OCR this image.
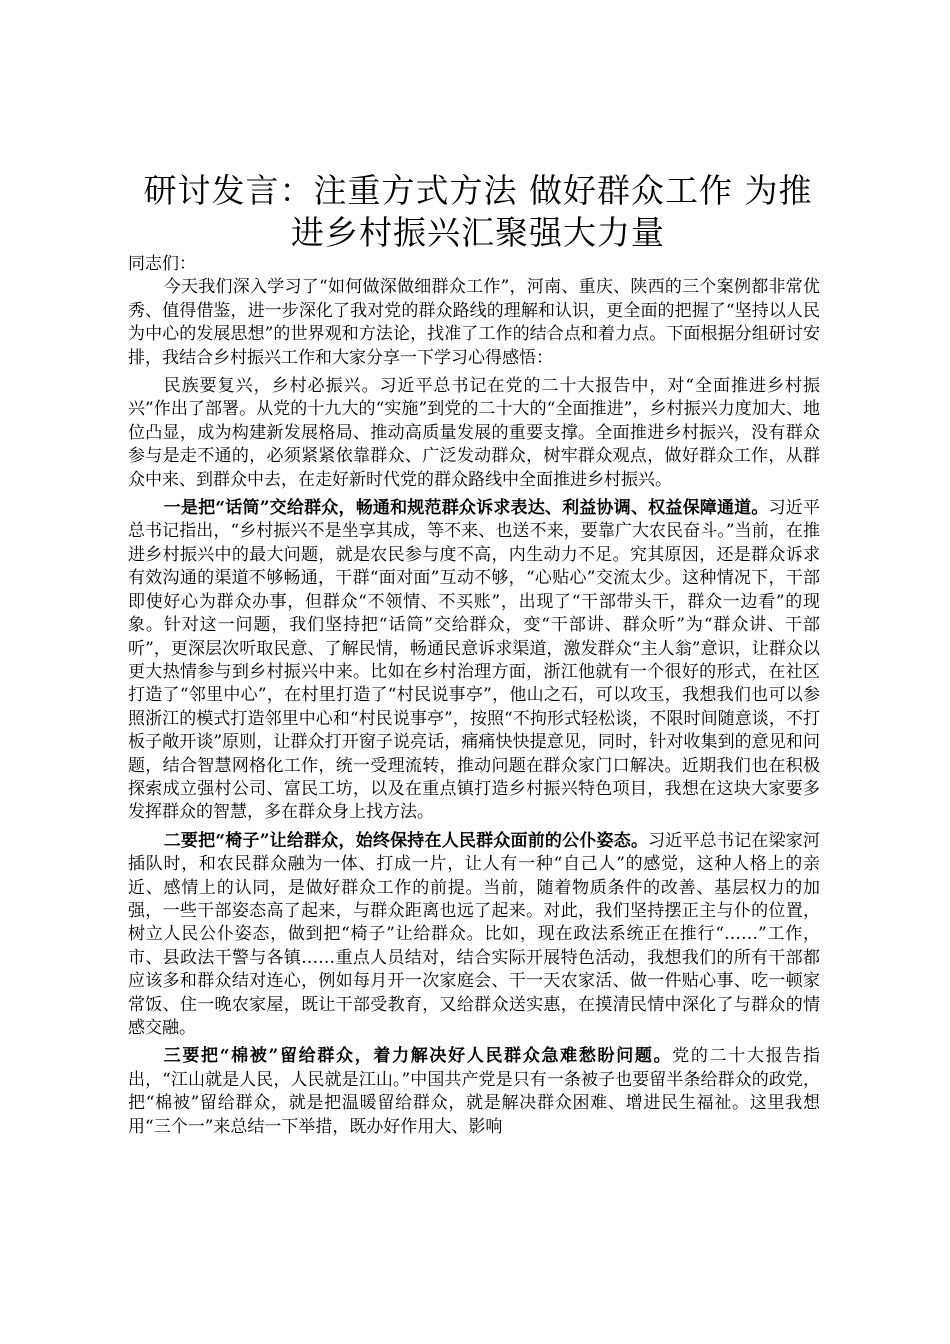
研讨发言：注重方式方法 做好群众工作 为推
进乡村振兴汇聚强大力量

同志们：

今天我们深入学习了“如何做深做细群众工作”，河南、重庆、陕西的三个案例都非常优秀、值得借鉴，进一步深化了我对党的群众路线的理解和认识，更全面的把握了“坚持以人民为中心的发展思想”的世界观和方法论，找准了工作的结合点和着力点。下面根据分组研讨安排，我结合乡村振兴工作和大家分享一下学习心得感悟：

民族要复兴，乡村必振兴。习近平总书记在党的二十大报告中，对“全面推进乡村振兴”作出了部署。从党的十九大的“实施”到党的二十大的“全面推进”，乡村振兴力度加大、地位凸显，成为构建新发展格局、推动高质量发展的重要支撑。全面推进乡村振兴，没有群众参与是走不通的，必须紧紧依靠群众、广泛发动群众，树牢群众观点，做好群众工作，从群众中来、到群众中去，在走好新时代党的群众路线中全面推进乡村振兴。

一是把“话筒”交给群众，畅通和规范群众诉求表达、利益协调、权益保障通道。习近平总书记指出，“乡村振兴不是坐享其成，等不来、也送不来，要靠广大农民奋斗。”当前，在推进乡村振兴中的最大问题，就是农民参与度不高，内生动力不足。究其原因，还是群众诉求有效沟通的渠道不够畅通，干群“面对面”互动不够，“心贴心”交流太少。这种情况下，干部即使好心为群众办事，但群众“不领情、不买账”，出现了“干部带头干，群众一边看”的现象。针对这一问题，我们坚持把“话筒”交给群众，变“干部讲、群众听”为“群众讲、干部听”，更深层次听取民意、了解民情，畅通民意诉求渠道，激发群众“主人翁”意识，让群众以更大热情参与到乡村振兴中来。比如在乡村治理方面，浙江他就有一个很好的形式，在社区打造了“邻里中心”，在村里打造了“村民说事亭”，他山之石，可以攻玉，我想我们也可以参照浙江的模式打造邻里中心和“村民说事亭”，按照“不拘形式轻松谈，不限时间随意谈，不打板子敞开谈”原则，让群众打开窗子说亮话，痛痛快快提意见，同时，针对收集到的意见和问题，结合智慧网格化工作，统一受理流转，推动问题在群众家门口解决。近期我们也在积极探索成立强村公司、富民工坊，以及在重点镇打造乡村振兴特色项目，我想在这块大家要多发挥群众的智慧，多在群众身上找方法。

二要把“椅子”让给群众，始终保持在人民群众面前的公仆姿态。习近平总书记在梁家河插队时，和农民群众融为一体、打成一片，让人有一种“自己人”的感觉，这种人格上的亲近、感情上的认同，是做好群众工作的前提。当前，随着物质条件的改善、基层权力的加强，一些干部姿态高了起来，与群众距离也远了起来。对此，我们坚持摆正主与仆的位置，树立人民公仆姿态，做到把“椅子”让给群众。比如，现在政法系统正在推行“……”工作，市、县政法干警与各镇……重点人员结对，结合实际开展特色活动，我想我们的所有干部都应该多和群众结对连心，例如每月开一次家庭会、干一天农家活、做一件贴心事、吃一顿家常饭、住一晚农家屋，既让干部受教育，又给群众送实惠，在摸清民情中深化了与群众的情感交融。

三要把“棉被”留给群众，着力解决好人民群众急难愁盼问题。党的二十大报告指出，“江山就是人民，人民就是江山。”中国共产党是只有一条被子也要留半条给群众的政党，把“棉被”留给群众，就是把温暖留给群众，就是解决群众困难、增进民生福祉。这里我想用“三个一”来总结一下举措，既办好作用大、影响
